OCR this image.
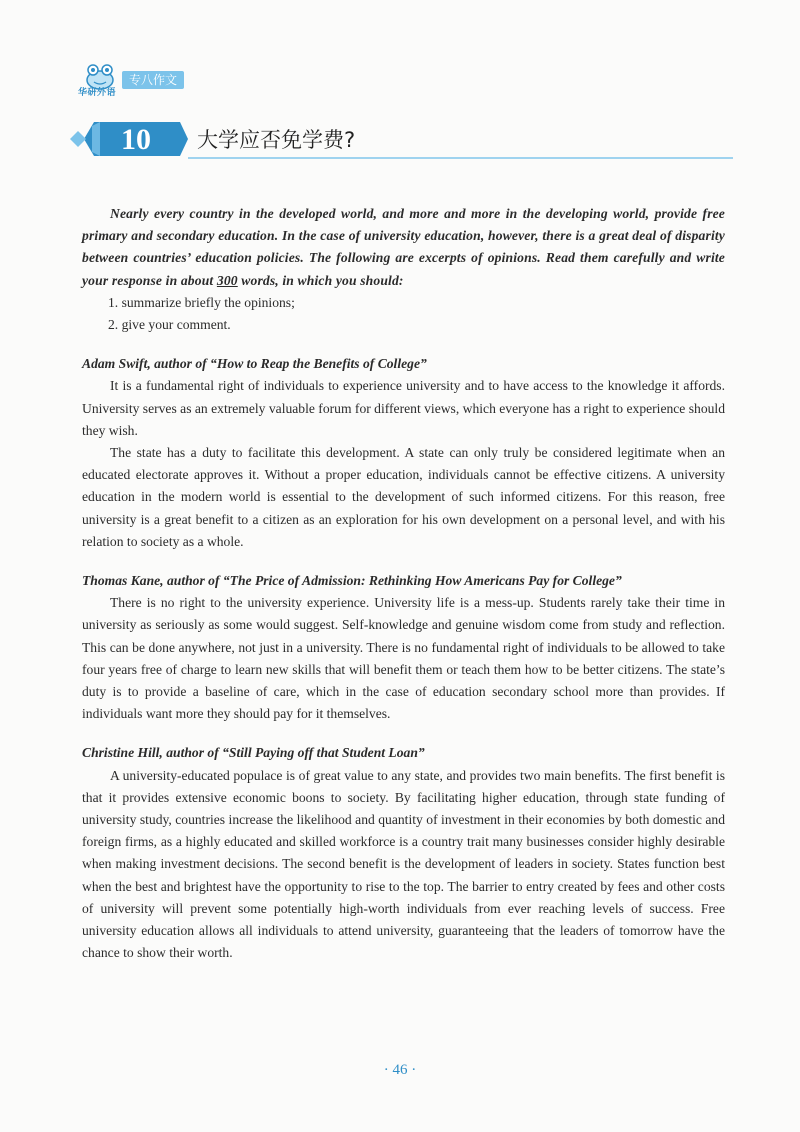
华研外语
专八作文
10	大学应否免学费?

Nearly every country in the developed world, and more and more in the developing world, provide free primary and secondary education. In the case of university education, however, there is a great deal of disparity between countries’ education policies. The following are excerpts of opinions. Read them carefully and write your response in about 300 words, in which you should:

1. summarize briefly the opinions;

2. give your comment.

Adam Swift, author of “How to Reap the Benefits of College”

It is a fundamental right of individuals to experience university and to have access to the knowledge it affords. University serves as an extremely valuable forum for different views, which everyone has a right to experience should they wish.

The state has a duty to facilitate this development. A state can only truly be considered legitimate when an educated electorate approves it. Without a proper education, individuals cannot be effective citizens. A university education in the modern world is essential to the development of such informed citizens. For this reason, free university is a great benefit to a citizen as an exploration for his own development on a personal level, and with his relation to society as a whole.

Thomas Kane, author of “The Price of Admission: Rethinking How Americans Pay for College”

There is no right to the university experience. University life is a mess-up. Students rarely take their time in university as seriously as some would suggest. Self-knowledge and genuine wisdom come from study and reflection. This can be done anywhere, not just in a university. There is no fundamental right of individuals to be allowed to take four years free of charge to learn new skills that will benefit them or teach them how to be better citizens. The state’s duty is to provide a baseline of care, which in the case of education secondary school more than provides. If individuals want more they should pay for it themselves.

Christine Hill, author of “Still Paying off that Student Loan”

A university-educated populace is of great value to any state, and provides two main benefits. The first benefit is that it provides extensive economic boons to society. By facilitating higher education, through state funding of university study, countries increase the likelihood and quantity of investment in their economies by both domestic and foreign firms, as a highly educated and skilled workforce is a country trait many businesses consider highly desirable when making investment decisions. The second benefit is the development of leaders in society. States function best when the best and brightest have the opportunity to rise to the top. The barrier to entry created by fees and other costs of university will prevent some potentially high-worth individuals from ever reaching levels of success. Free university education allows all individuals to attend university, guaranteeing that the leaders of tomorrow have the chance to show their worth.

· 46 ·
